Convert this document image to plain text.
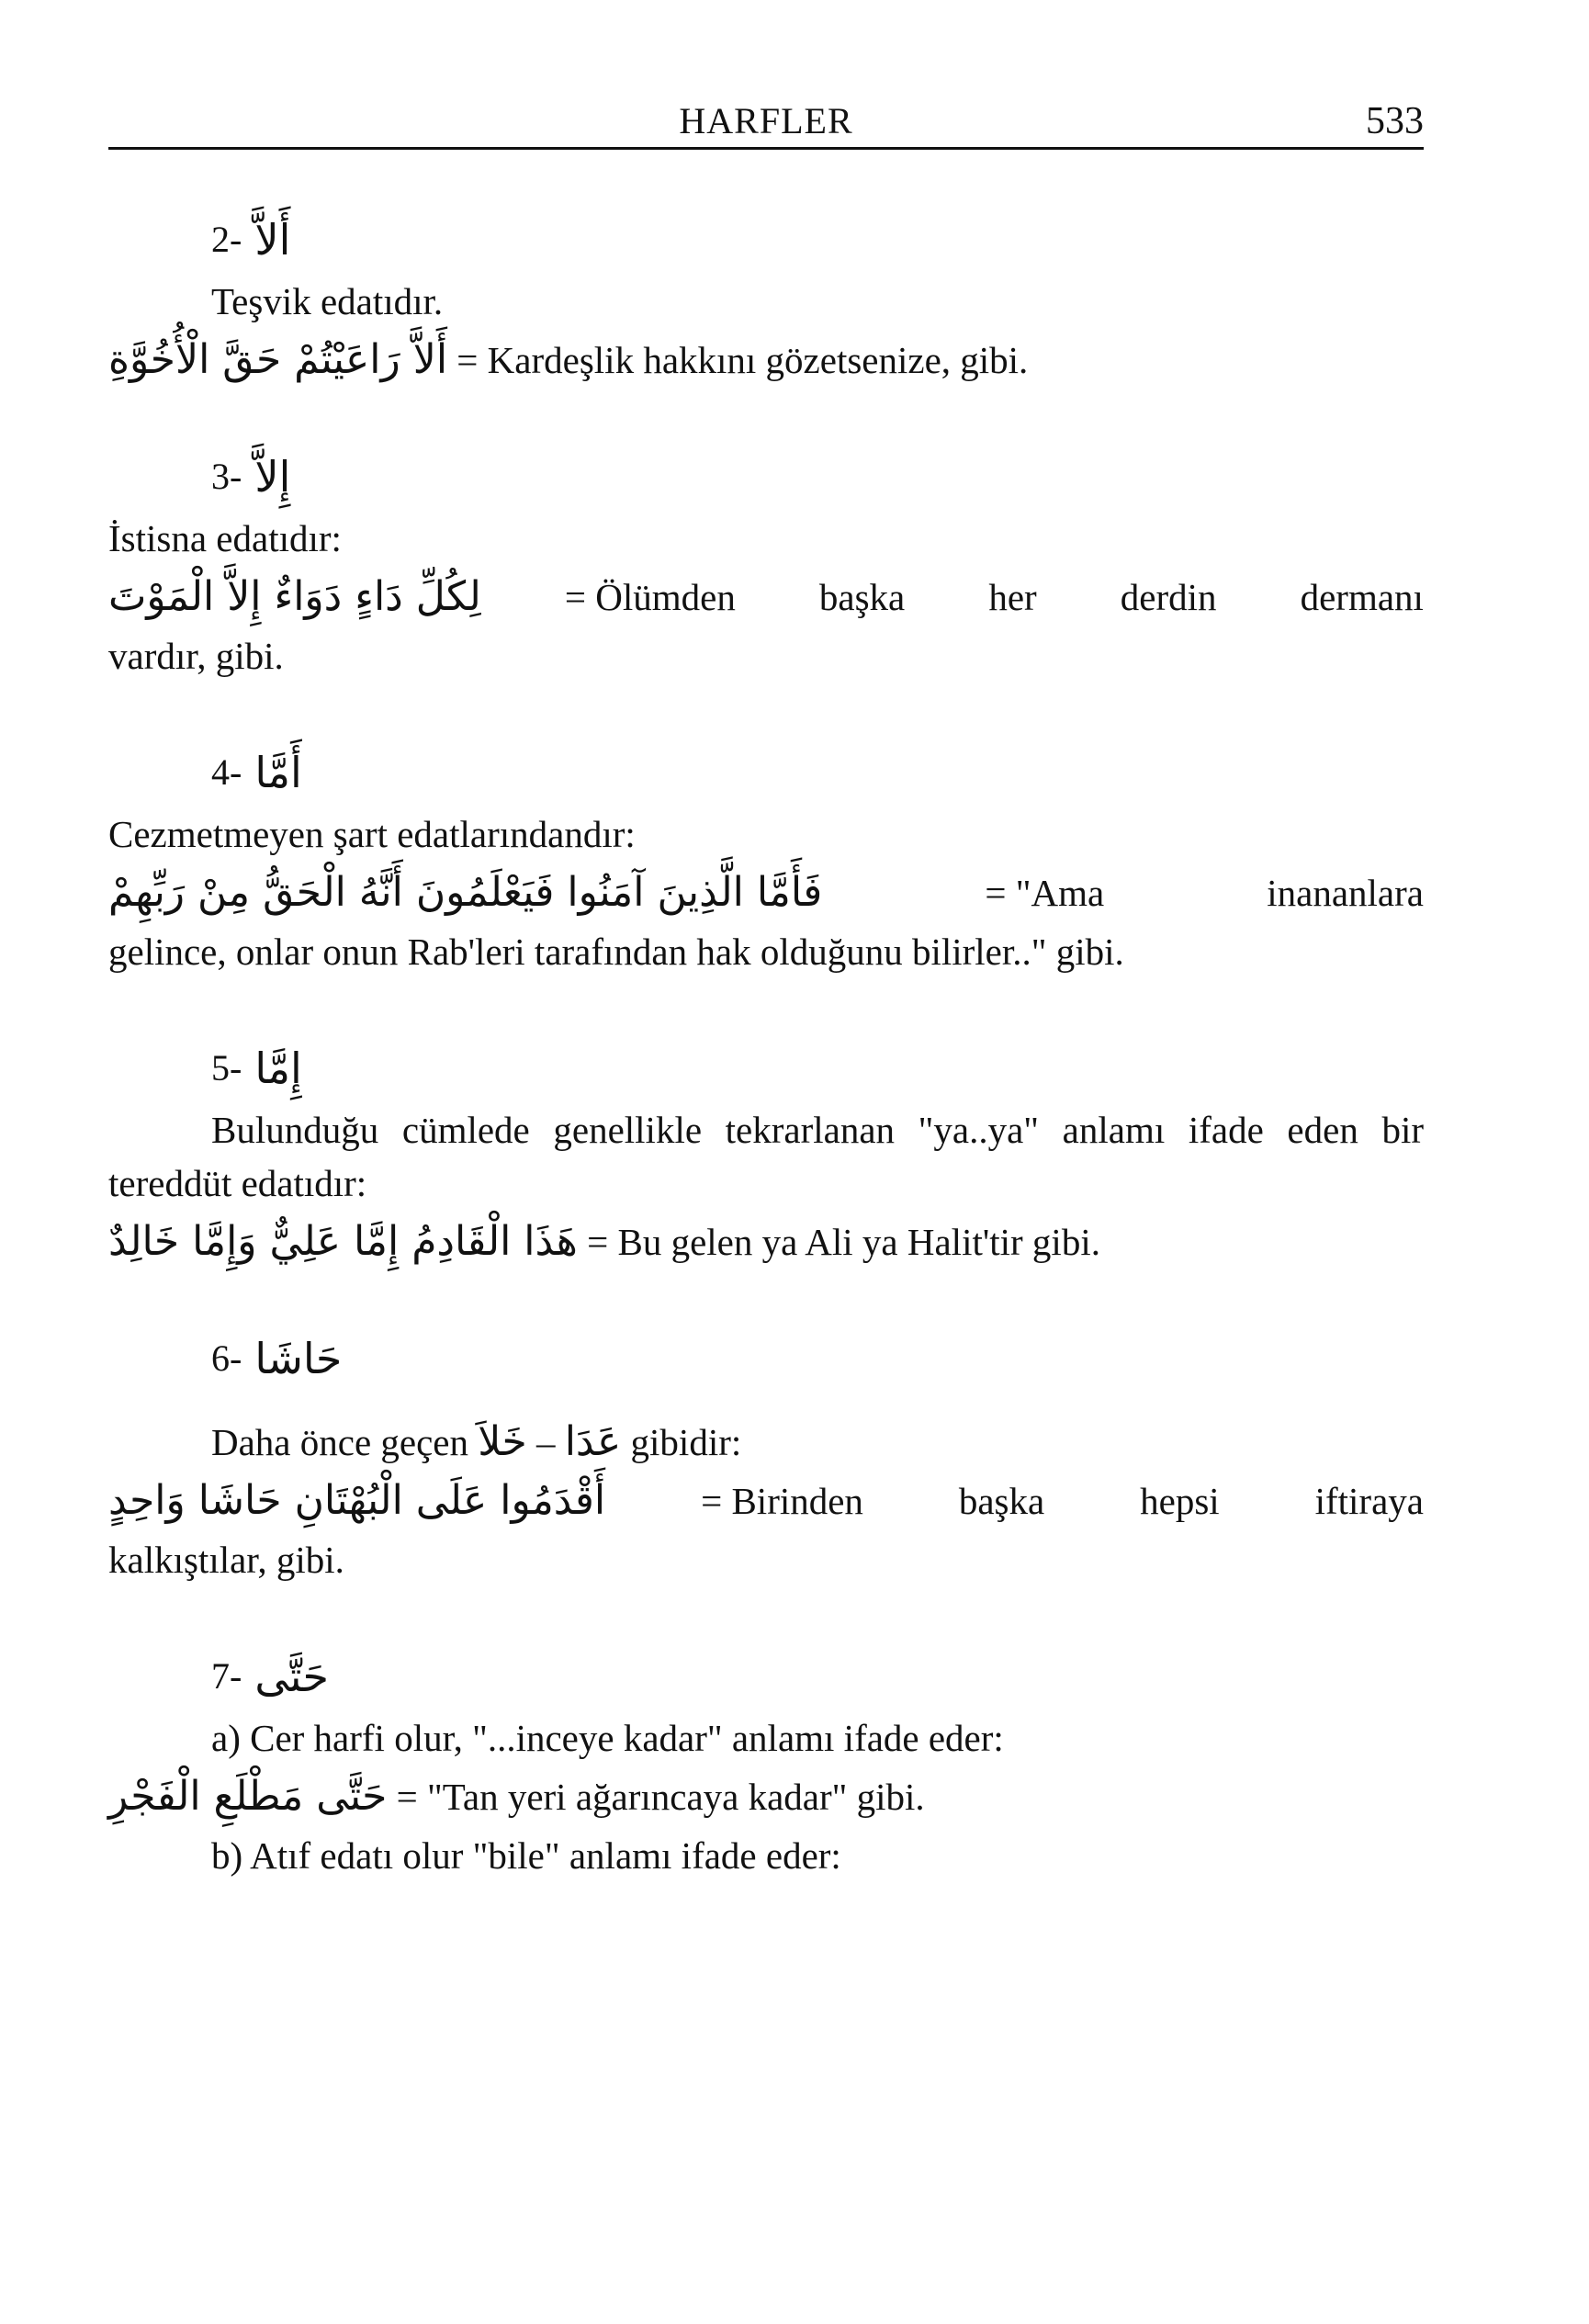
HARFLER	533
2- أَلاَّ

Teşvik edatıdır.

أَلاَّ رَاعَيْتُمْ حَقَّ الْأُخُوَّةِ = Kardeşlik hakkını gözetsenize, gibi.

3- إِلاَّ

İstisna edatıdır:

لِكُلِّ دَاءٍ دَوَاءٌ إِلاَّ الْمَوْتَ = Ölümden başka her derdin dermanı

vardır, gibi.

4- أَمَّا

Cezmetmeyen şart edatlarındandır:

فَأَمَّا الَّذِينَ آمَنُوا فَيَعْلَمُونَ أَنَّهُ الْحَقُّ مِنْ رَبِّهِمْ	= "Ama	inananlara

gelince, onlar onun Rab'leri tarafından hak olduğunu bilirler.." gibi.

5- إِمَّا

Bulunduğu cümlede genellikle tekrarlanan "ya..ya" anlamı ifade eden bir tereddüt edatıdır:

هَذَا الْقَادِمُ إِمَّا عَلِيٌّ وَإِمَّا خَالِدٌ = Bu gelen ya Ali ya Halit'tir gibi.

6- حَاشَا

Daha önce geçen خَلاَ – عَدَا gibidir:

أَقْدَمُوا عَلَى الْبُهْتَانِ حَاشَا وَاحِدٍ	= Birinden	başka	hepsi	iftiraya

kalkıştılar, gibi.

7- حَتَّى

a) Cer harfi olur, "...inceye kadar" anlamı ifade eder:

حَتَّى مَطْلَعِ الْفَجْرِ = "Tan yeri ağarıncaya kadar" gibi.

b) Atıf edatı olur "bile" anlamı ifade eder:
